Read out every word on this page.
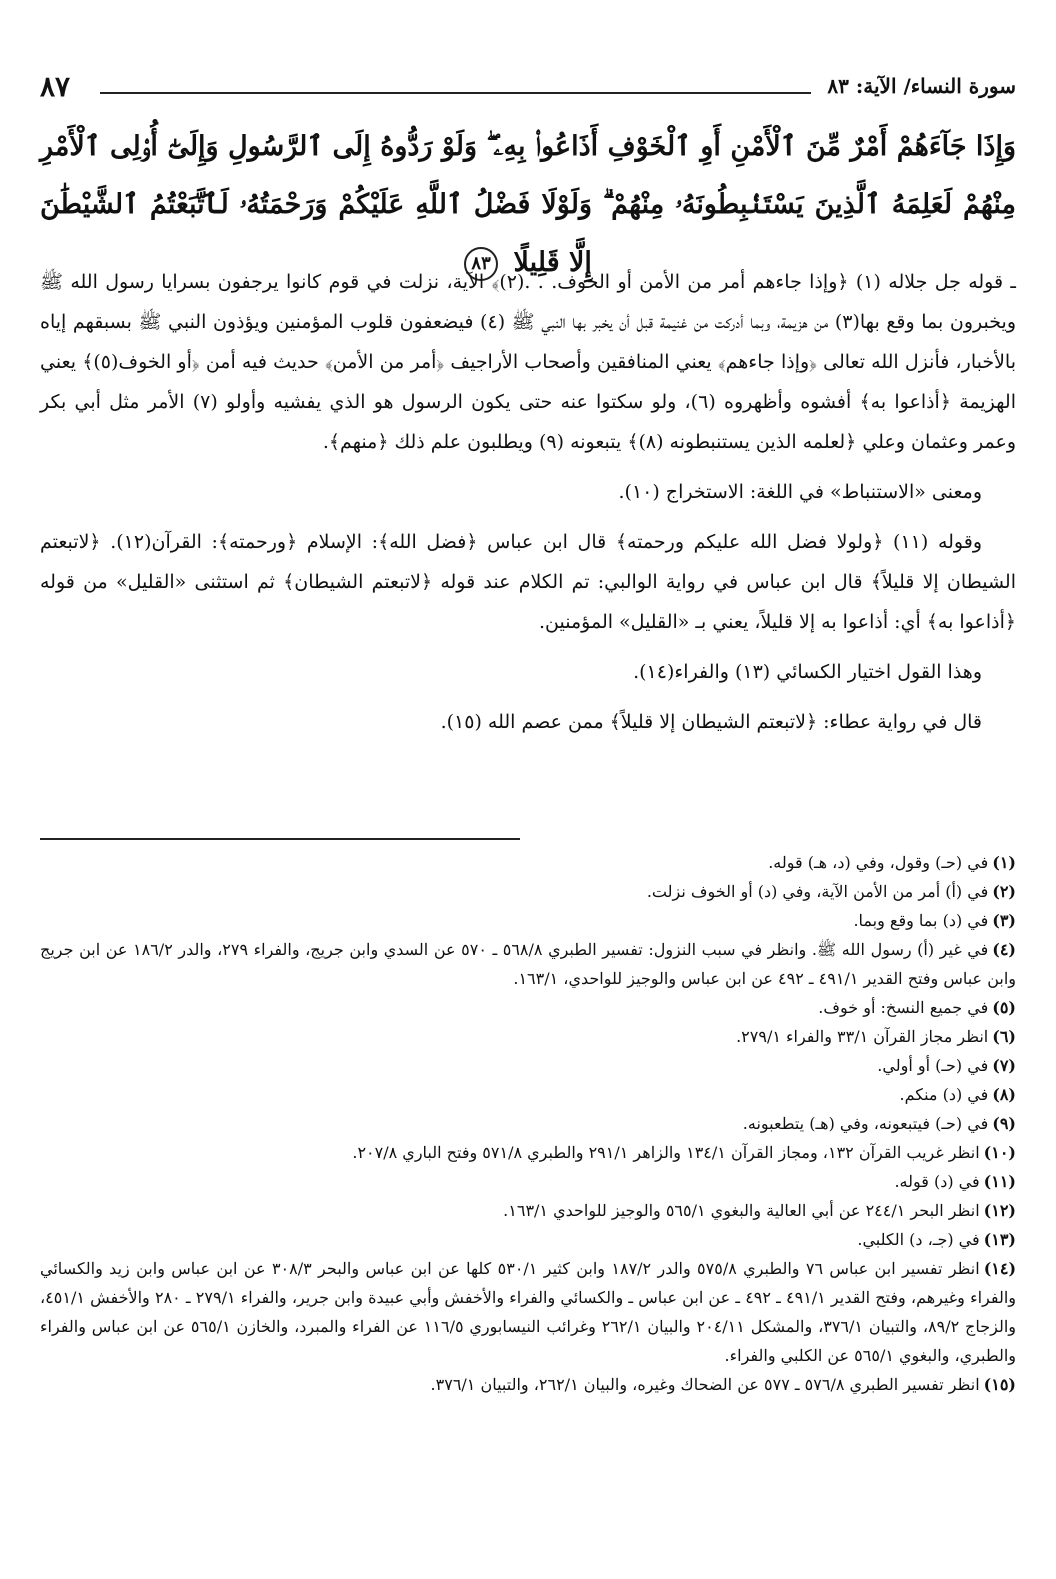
سورة النساء/ الآية: ٨٣
٨٧
وَإِذَا جَآءَهُمْ أَمْرٌ مِّنَ ٱلْأَمْنِ أَوِ ٱلْخَوْفِ أَذَاعُوا۟ بِهِۦ ۖ وَلَوْ رَدُّوهُ إِلَى ٱلرَّسُولِ وَإِلَىٰٓ أُو۟لِى ٱلْأَمْرِ مِنْهُمْ لَعَلِمَهُ ٱلَّذِينَ يَسْتَنۢبِطُونَهُۥ مِنْهُمْ ۗ وَلَوْلَا فَضْلُ ٱللَّهِ عَلَيْكُمْ وَرَحْمَتُهُۥ لَٱتَّبَعْتُمُ ٱلشَّيْطَٰنَ إِلَّا قَلِيلًا ٨٣

ـ قوله جل جلاله (١) ﴿وإذا جاءهم أمر من الأمن أو الخوف. . .(٢)﴾ الآية، نزلت في قوم كانوا يرجفون بسرايا رسول الله ﷺ ويخبرون بما وقع بها(٣) من هزيمة، وبما أدركت من غنيمة قبل أن يخبر بها النبي ﷺ (٤) فيضعفون قلوب المؤمنين ويؤذون النبي ﷺ بسبقهم إياه بالأخبار، فأنزل الله تعالى ﴿وإذا جاءهم﴾ يعني المنافقين وأصحاب الأراجيف ﴿أمر من الأمن﴾ حديث فيه أمن ﴿أو الخوف(٥)﴾ يعني الهزيمة ﴿أذاعوا به﴾ أفشوه وأظهروه (٦)، ولو سكتوا عنه حتى يكون الرسول هو الذي يفشيه وأولو (٧) الأمر مثل أبي بكر وعمر وعثمان وعلي ﴿لعلمه الذين يستنبطونه (٨)﴾ يتبعونه (٩) ويطلبون علم ذلك ﴿منهم﴾.

ومعنى «الاستنباط» في اللغة: الاستخراج (١٠).

وقوله (١١) ﴿ولولا فضل الله عليكم ورحمته﴾ قال ابن عباس ﴿فضل الله﴾: الإسلام ﴿ورحمته﴾: القرآن(١٢). ﴿لاتبعتم الشيطان إلا قليلاً﴾ قال ابن عباس في رواية الوالبي: تم الكلام عند قوله ﴿لاتبعتم الشيطان﴾ ثم استثنى «القليل» من قوله ﴿أذاعوا به﴾ أي: أذاعوا به إلا قليلاً، يعني بـ «القليل» المؤمنين.

وهذا القول اختيار الكسائي (١٣) والفراء(١٤).

قال في رواية عطاء: ﴿لاتبعتم الشيطان إلا قليلاً﴾ ممن عصم الله (١٥).

(١)في (حـ) وقول، وفي (د، هـ) قوله.

(٢)في (أ) أمر من الأمن الآية، وفي (د) أو الخوف نزلت.

(٣)في (د) بما وقع وبما.

(٤)في غير (أ) رسول الله ﷺ. وانظر في سبب النزول: تفسير الطبري ٥٦٨/٨ ـ ٥٧٠ عن السدي وابن جريج، والفراء ٢٧٩، والدر ١٨٦/٢ عن ابن جريج وابن عباس وفتح القدير ٤٩١/١ ـ ٤٩٢ عن ابن عباس والوجيز للواحدي، ١٦٣/١.

(٥)في جميع النسخ: أو خوف.

(٦)انظر مجاز القرآن ٣٣/١ والفراء ٢٧٩/١.

(٧)في (حـ) أو أولي.

(٨)في (د) منكم.

(٩)في (حـ) فيتبعونه، وفي (هـ) يتطعبونه.

(١٠)انظر غريب القرآن ١٣٢، ومجاز القرآن ١٣٤/١ والزاهر ٢٩١/١ والطبري ٥٧١/٨ وفتح الباري ٢٠٧/٨.

(١١)في (د) قوله.

(١٢)انظر البحر ٢٤٤/١ عن أبي العالية والبغوي ٥٦٥/١ والوجيز للواحدي ١٦٣/١.

(١٣)في (جـ، د) الكلبي.

(١٤)انظر تفسير ابن عباس ٧٦ والطبري ٥٧٥/٨ والدر ١٨٧/٢ وابن كثير ٥٣٠/١ كلها عن ابن عباس والبحر ٣٠٨/٣ عن ابن عباس وابن زيد والكسائي والفراء وغيرهم، وفتح القدير ٤٩١/١ ـ ٤٩٢ ـ عن ابن عباس ـ والكسائي والفراء والأخفش وأبي عبيدة وابن جرير، والفراء ٢٧٩/١ ـ ٢٨٠ والأخفش ٤٥١/١، والزجاج ٨٩/٢، والتبيان ٣٧٦/١، والمشكل ٢٠٤/١١ والبيان ٢٦٢/١ وغرائب النيسابوري ١١٦/٥ عن الفراء والمبرد، والخازن ٥٦٥/١ عن ابن عباس والفراء والطبري، والبغوي ٥٦٥/١ عن الكلبي والفراء.

(١٥)انظر تفسير الطبري ٥٧٦/٨ ـ ٥٧٧ عن الضحاك وغيره، والبيان ٢٦٢/١، والتبيان ٣٧٦/١.
